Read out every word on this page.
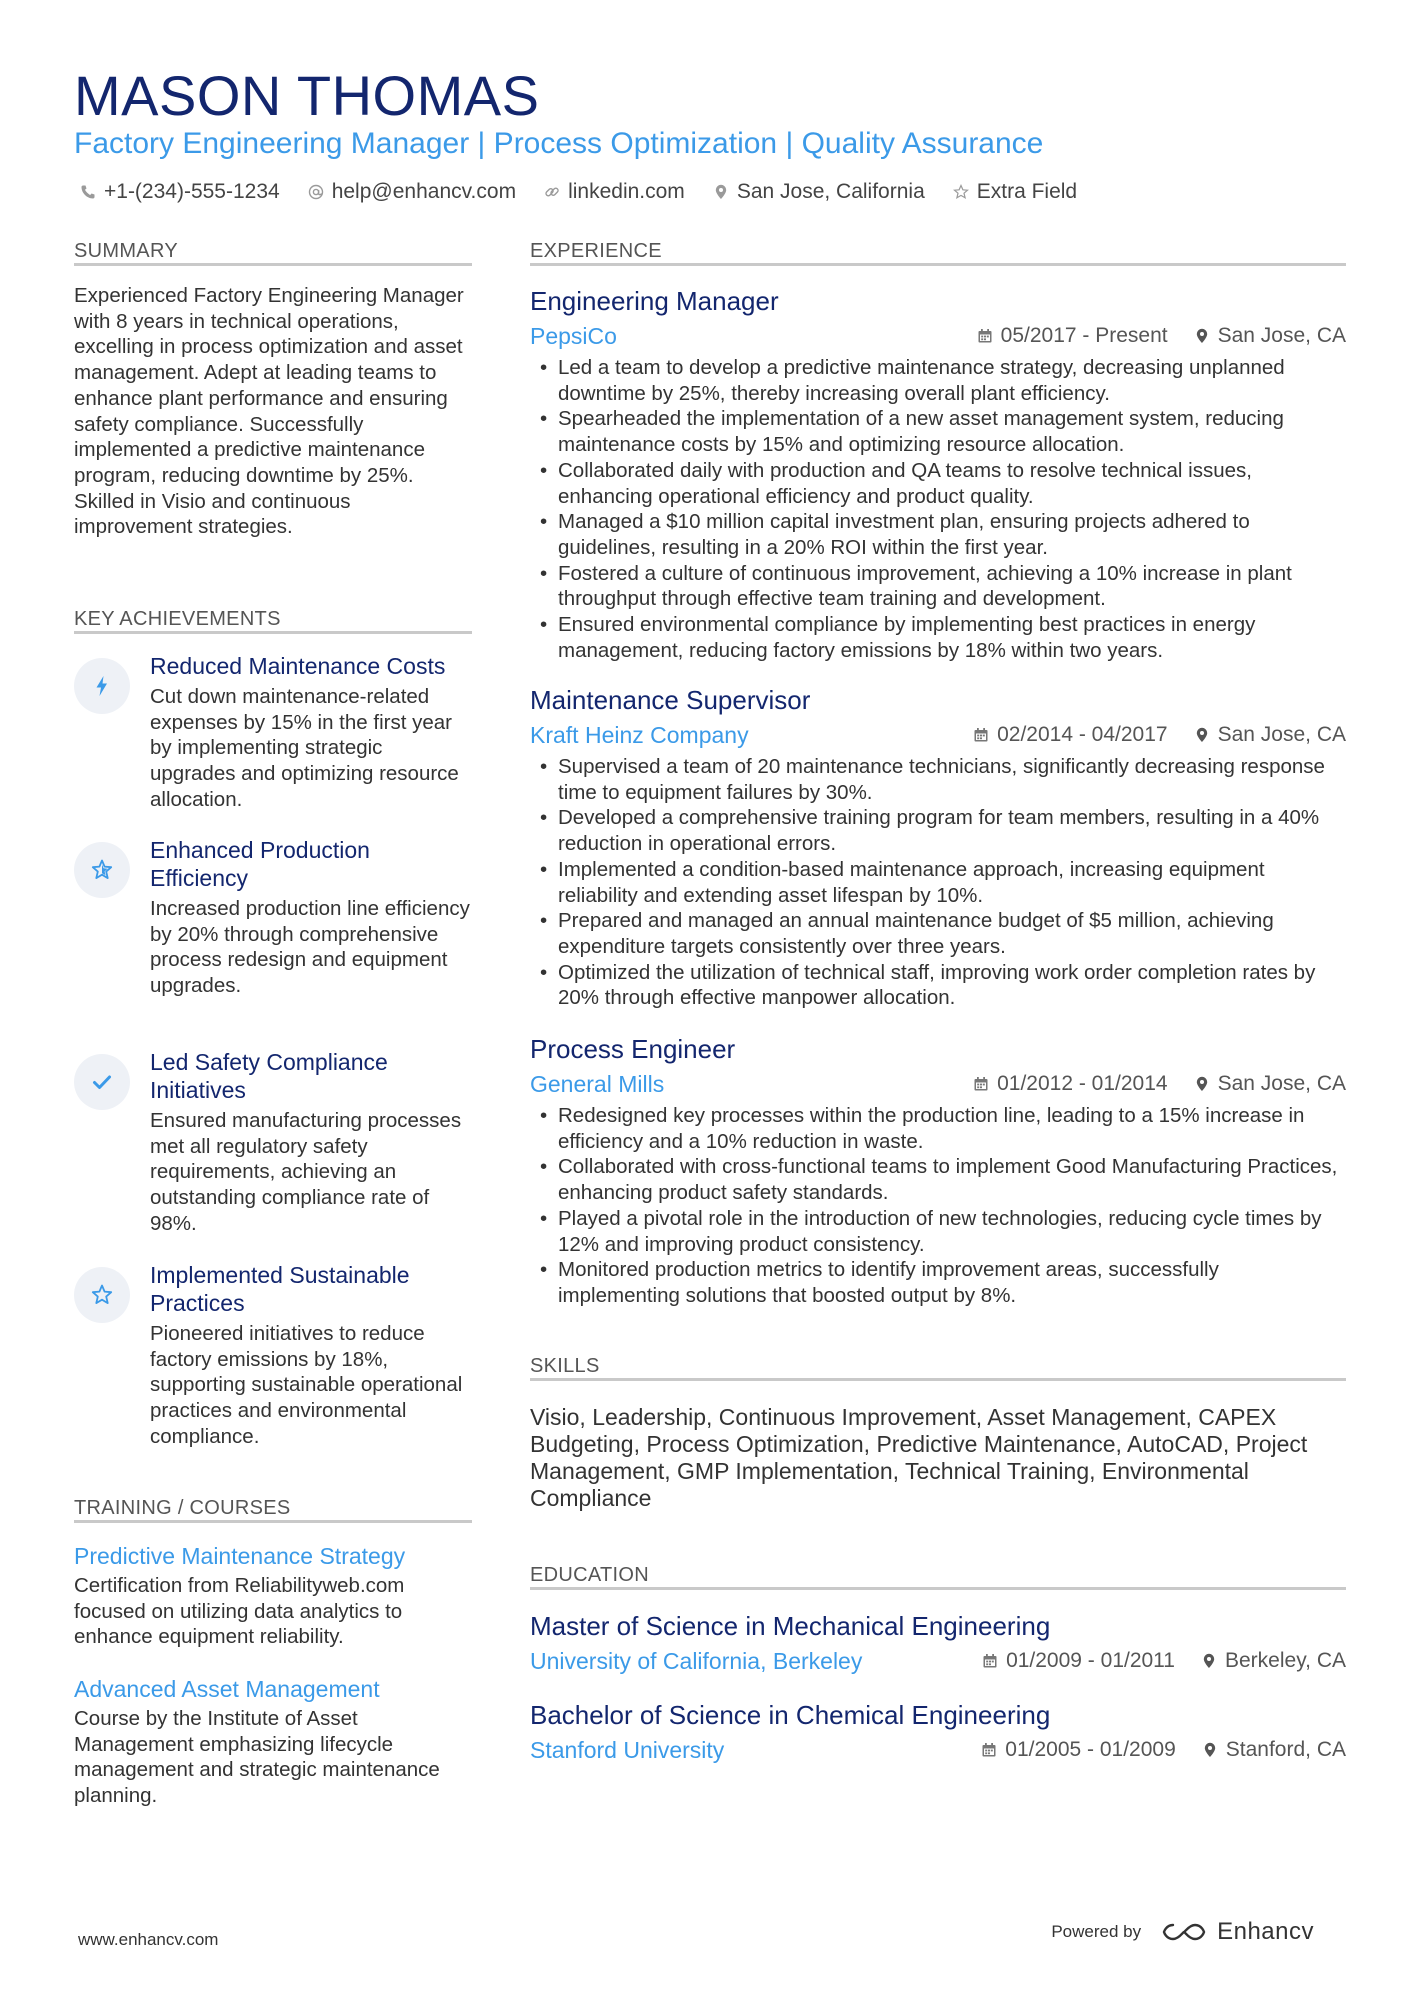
MASON THOMAS
Factory Engineering Manager | Process Optimization | Quality Assurance
+1-(234)-555-1234 help@enhancv.com linkedin.com San Jose, California Extra Field
SUMMARY
Experienced Factory Engineering Manager with 8 years in technical operations, excelling in process optimization and asset management. Adept at leading teams to enhance plant performance and ensuring safety compliance. Successfully implemented a predictive maintenance program, reducing downtime by 25%. Skilled in Visio and continuous improvement strategies.
KEY ACHIEVEMENTS
Reduced Maintenance Costs
Cut down maintenance-related expenses by 15% in the first year by implementing strategic upgrades and optimizing resource allocation.
Enhanced Production Efficiency
Increased production line efficiency by 20% through comprehensive process redesign and equipment upgrades.
Led Safety Compliance Initiatives
Ensured manufacturing processes met all regulatory safety requirements, achieving an outstanding compliance rate of 98%.
Implemented Sustainable Practices
Pioneered initiatives to reduce factory emissions by 18%, supporting sustainable operational practices and environmental compliance.
TRAINING / COURSES
Predictive Maintenance Strategy
Certification from Reliabilityweb.com focused on utilizing data analytics to enhance equipment reliability.
Advanced Asset Management
Course by the Institute of Asset Management emphasizing lifecycle management and strategic maintenance planning.
EXPERIENCE
Engineering Manager
PepsiCo	05/2017 - Present San Jose, CA
• Led a team to develop a predictive maintenance strategy, decreasing unplanned downtime by 25%, thereby increasing overall plant efficiency.
• Spearheaded the implementation of a new asset management system, reducing maintenance costs by 15% and optimizing resource allocation.
• Collaborated daily with production and QA teams to resolve technical issues, enhancing operational efficiency and product quality.
• Managed a $10 million capital investment plan, ensuring projects adhered to guidelines, resulting in a 20% ROI within the first year.
• Fostered a culture of continuous improvement, achieving a 10% increase in plant throughput through effective team training and development.
• Ensured environmental compliance by implementing best practices in energy management, reducing factory emissions by 18% within two years.
Maintenance Supervisor
Kraft Heinz Company	02/2014 - 04/2017 San Jose, CA
• Supervised a team of 20 maintenance technicians, significantly decreasing response time to equipment failures by 30%.
• Developed a comprehensive training program for team members, resulting in a 40% reduction in operational errors.
• Implemented a condition-based maintenance approach, increasing equipment reliability and extending asset lifespan by 10%.
• Prepared and managed an annual maintenance budget of $5 million, achieving expenditure targets consistently over three years.
• Optimized the utilization of technical staff, improving work order completion rates by 20% through effective manpower allocation.
Process Engineer
General Mills	01/2012 - 01/2014 San Jose, CA
• Redesigned key processes within the production line, leading to a 15% increase in efficiency and a 10% reduction in waste.
• Collaborated with cross-functional teams to implement Good Manufacturing Practices, enhancing product safety standards.
• Played a pivotal role in the introduction of new technologies, reducing cycle times by 12% and improving product consistency.
• Monitored production metrics to identify improvement areas, successfully implementing solutions that boosted output by 8%.
SKILLS
Visio, Leadership, Continuous Improvement, Asset Management, CAPEX Budgeting, Process Optimization, Predictive Maintenance, AutoCAD, Project Management, GMP Implementation, Technical Training, Environmental Compliance
EDUCATION
Master of Science in Mechanical Engineering
University of California, Berkeley	01/2009 - 01/2011 Berkeley, CA
Bachelor of Science in Chemical Engineering
Stanford University	01/2005 - 01/2009 Stanford, CA
www.enhancv.com	Powered by	Enhancv
